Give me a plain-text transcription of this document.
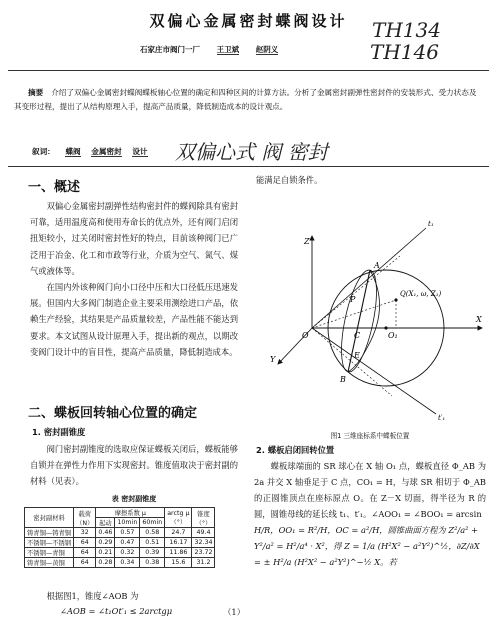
双偏心金属密封蝶阀设计	TH134
TH146
石家庄市阀门一厂 王卫斌 赵阴义
摘要 介绍了双偏心金属密封蝶阀蝶板轴心位置的确定和四种区间的计算方法。分析了金属密封副弹性密封件的安装形式、受力状态及其变形过程，提出了从结构原理入手，提高产品质量，降低制造成本的设计观点。
叙词： 蝶阀 金属密封 设计	双偏心式 阀 密封
一、概述

双偏心金属密封副弹性结构密封件的蝶阀除具有密封可靠，适用温度高和使用寿命长的优点外，还有阀门启闭扭矩较小，过关闭时密封性好的特点，目前该种阀门已广泛用于冶金、化工和市政等行业，介质为空气、氮气、煤气或液体等。

在国内外该种阀门向小口径中压和大口径低压迅速发展。但国内大多阀门制造企业主要采用测绘进口产品，依赖生产经验，其结果是产品质量较差，产品性能不能达到要求。本文试图从设计原理入手，提出新的观点，以期改变阀门设计中的盲目性，提高产品质量，降低制造成本。

二、蝶板回转轴心位置的确定
1. 密封副锥度

阀门密封副锥度的选取应保证蝶板关闭后，蝶板能够自锁并在弹性力作用下实现密封。锥度值取决于密封副的材料（见表）。

表 密封副锥度
密封副材料	载荷
（N）	摩擦系数 μ			arctg μ
（°）	锥度
（°）
		起动	10min	60min		
铸青铜—铸青铜	32	0.46	0.57	0.58	24.7	49.4
不锈钢—不锈钢	64	0.29	0.47	0.51	16.17	32.34
不锈钢—青铜	64	0.21	0.32	0.39	11.86	23.72
铸青铜—黄铜	64	0.28	0.34	0.38	15.6	31.2

根据图1，锥度∠AOB 为

∠AOB = ∠t₁Ot′₁ ≤ 2arctgμ	（1）
能满足自锁条件。
Z
X
Y
O	O₁
A
B
C
E
Q(X₁, ω, Z₁)
P
t₁
t′₁
图1 三维座标系中蝶板位置
2. 蝶板启闭回转位置
蝶板球端面的 SR 球心在 X 轴 O₁ 点，蝶板直径 Φ_AB 为 2a 并交 X 轴垂足于 C 点，CO₁ = H，与球 SR 相切于 Φ_AB 的正圆锥顶点在座标原点 O。在 Z－X 切面，得半径为 R 的圆，圆锥母线的延长线 t₁、t′₁。∠AOO₁ = ∠BOO₁ = arcsin
H/R，OO₁ = R²/H，OC = a²/H，圆锥曲面方程为 Z²/a² +
Y²/a² = H²/a⁴ · X²，得 Z = 1/a (H²X² − a²Y²)^½，∂Z/∂X
= ± H²/a (H²X² − a²Y²)^−½ X。若
